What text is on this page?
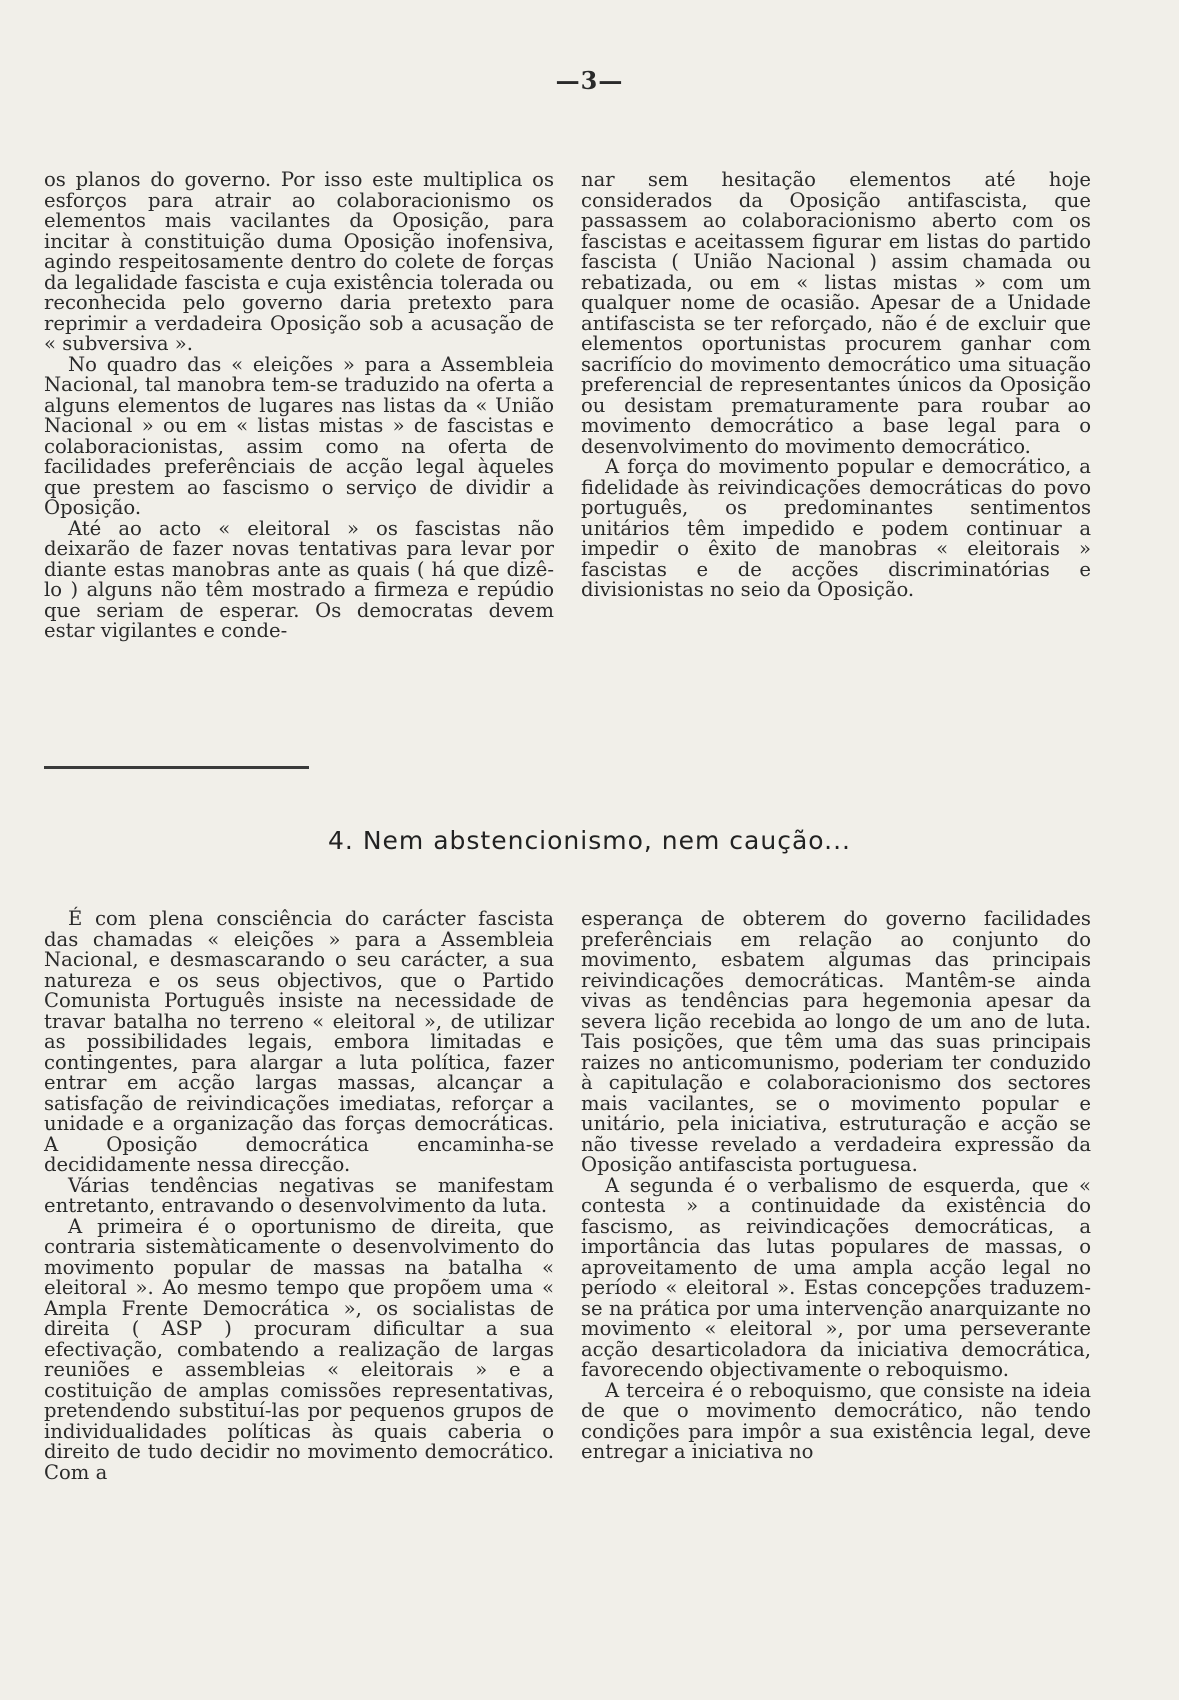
—3—

os planos do governo. Por isso este multiplica os esforços para atrair ao colaboracionismo os elementos mais vacilantes da Oposição, para incitar à constituição duma Oposição inofensiva, agindo respeitosamente dentro do colete de forças da legalidade fascista e cuja existência tolerada ou reconhecida pelo governo daria pretexto para reprimir a verdadeira Oposição sob a acusação de « subversiva ».

No quadro das « eleições » para a Assembleia Nacional, tal manobra tem-se traduzido na oferta a alguns elementos de lugares nas listas da « União Nacional » ou em « listas mistas » de fascistas e colaboracionistas, assim como na oferta de facilidades preferênciais de acção legal àqueles que prestem ao fascismo o serviço de dividir a Oposição.

Até ao acto « eleitoral » os fascistas não deixarão de fazer novas tentativas para levar por diante estas manobras ante as quais ( há que dizê-lo ) alguns não têm mostrado a firmeza e repúdio que seriam de esperar. Os democratas devem estar vigilantes e conde-

nar sem hesitação elementos até hoje considerados da Oposição antifascista, que passassem ao colaboracionismo aberto com os fascistas e aceitassem figurar em listas do partido fascista ( União Nacional ) assim chamada ou rebatizada, ou em « listas mistas » com um qualquer nome de ocasião. Apesar de a Unidade antifascista se ter reforçado, não é de excluir que elementos oportunistas procurem ganhar com sacrifício do movimento democrático uma situação preferencial de representantes únicos da Oposição ou desistam prematuramente para roubar ao movimento democrático a base legal para o desenvolvimento do movimento democrático.

A força do movimento popular e democrático, a fidelidade às reivindicações democráticas do povo português, os predominantes sentimentos unitários têm impedido e podem continuar a impedir o êxito de manobras « eleitorais » fascistas e de acções discriminatórias e divisionistas no seio da Oposição.

4. Nem abstencionismo, nem caução...

É com plena consciência do carácter fascista das chamadas « eleições » para a Assembleia Nacional, e desmascarando o seu carácter, a sua natureza e os seus objectivos, que o Partido Comunista Português insiste na necessidade de travar batalha no terreno « eleitoral », de utilizar as possibilidades legais, embora limitadas e contingentes, para alargar a luta política, fazer entrar em acção largas massas, alcançar a satisfação de reivindicações imediatas, reforçar a unidade e a organização das forças democráticas. A Oposição democrática encaminha-se decididamente nessa direcção.

Várias tendências negativas se manifestam entretanto, entravando o desenvolvimento da luta.

A primeira é o oportunismo de direita, que contraria sistemàticamente o desenvolvimento do movimento popular de massas na batalha « eleitoral ». Ao mesmo tempo que propõem uma « Ampla Frente Democrática », os socialistas de direita ( ASP ) procuram dificultar a sua efectivação, combatendo a realização de largas reuniões e assembleias « eleitorais » e a costituição de amplas comissões representativas, pretendendo substituí-las por pequenos grupos de individualidades políticas às quais caberia o direito de tudo decidir no movimento democrático. Com a

esperança de obterem do governo facilidades preferênciais em relação ao conjunto do movimento, esbatem algumas das principais reivindicações democráticas. Mantêm-se ainda vivas as tendências para hegemonia apesar da severa lição recebida ao longo de um ano de luta. Tais posições, que têm uma das suas principais raizes no anticomunismo, poderiam ter conduzido à capitulação e colaboracionismo dos sectores mais vacilantes, se o movimento popular e unitário, pela iniciativa, estruturação e acção se não tivesse revelado a verdadeira expressão da Oposição antifascista portuguesa.

A segunda é o verbalismo de esquerda, que « contesta » a continuidade da existência do fascismo, as reivindicações democráticas, a importância das lutas populares de massas, o aproveitamento de uma ampla acção legal no período « eleitoral ». Estas concepções traduzem-se na prática por uma intervenção anarquizante no movimento « eleitoral », por uma perseverante acção desarticoladora da iniciativa democrática, favorecendo objectivamente o reboquismo.

A terceira é o reboquismo, que consiste na ideia de que o movimento democrático, não tendo condições para impôr a sua existência legal, deve entregar a iniciativa no
